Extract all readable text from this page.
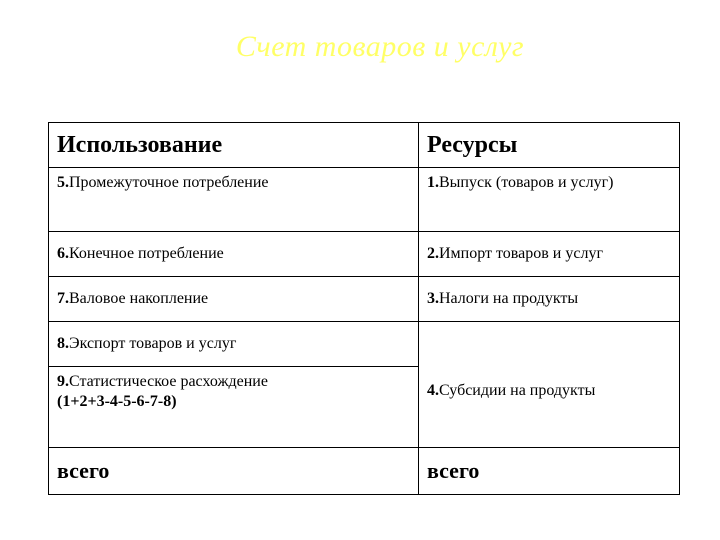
Счет товаров и услуг
Использование	Ресурсы
5.Промежуточное потребление	1.Выпуск (товаров и услуг)
6.Конечное потребление	2.Импорт товаров и услуг
7.Валовое накопление	3.Налоги на продукты
8.Экспорт товаров и услуг	4.Субсидии на продукты
9.Статистическое расхождение
(1+2+3-4-5-6-7-8)	
всего	всего
